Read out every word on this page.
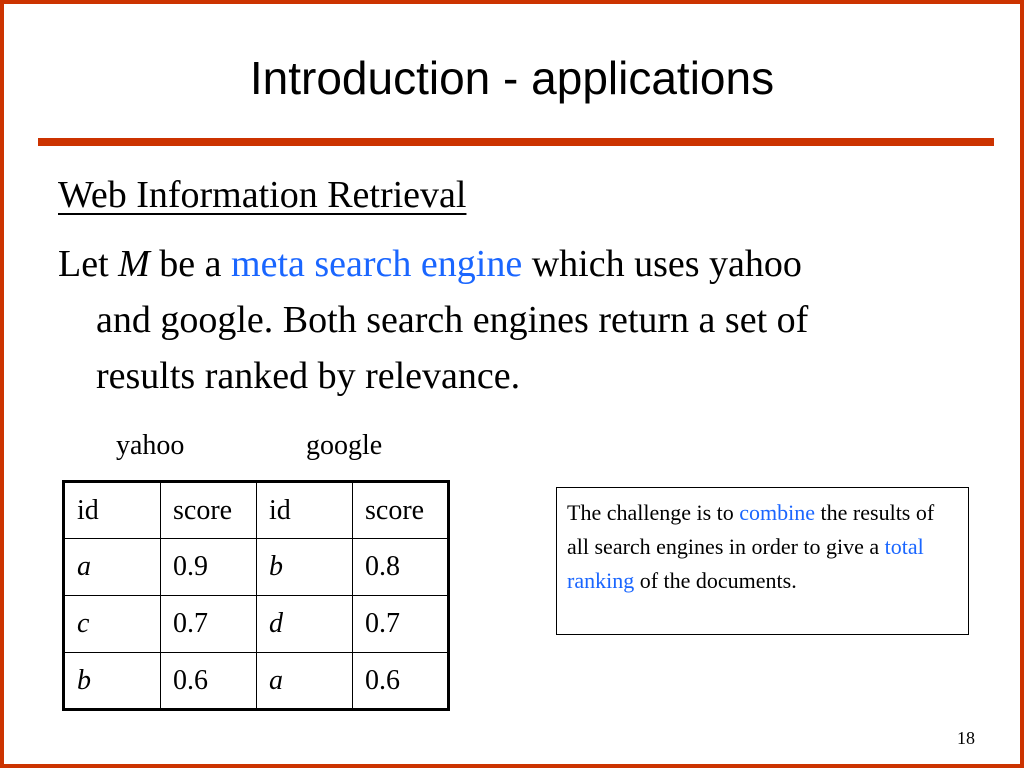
Introduction - applications
Web Information Retrieval
Let M be a meta search engine which uses yahoo
and google. Both search engines return a set of
results ranked by relevance.
yahoo	google
id	score	id	score
a	0.9	b	0.8
c	0.7	d	0.7
b	0.6	a	0.6
The challenge is to combine the results of all search engines in order to give a total ranking of the documents.
18
